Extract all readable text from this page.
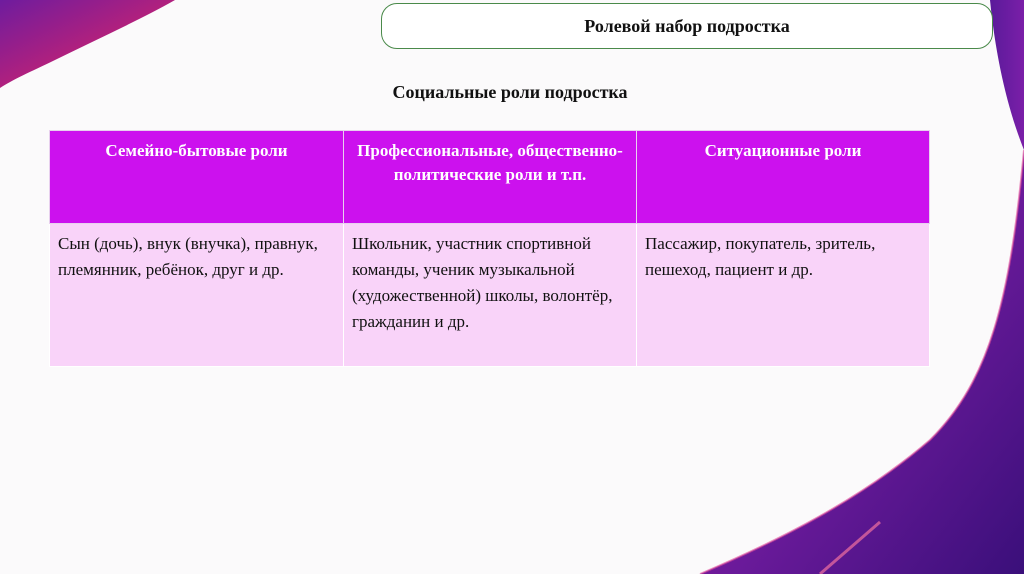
Ролевой набор подростка
Социальные роли подростка
Семейно-бытовые роли	Профессиональные, общественно-политические роли и т.п.	Ситуационные роли
Сын (дочь), внук (внучка), правнук, племянник, ребёнок, друг и др.	Школьник, участник спортивной команды, ученик музыкальной (художественной) школы, волонтёр, гражданин и др.	Пассажир, покупатель, зритель, пешеход, пациент и др.
